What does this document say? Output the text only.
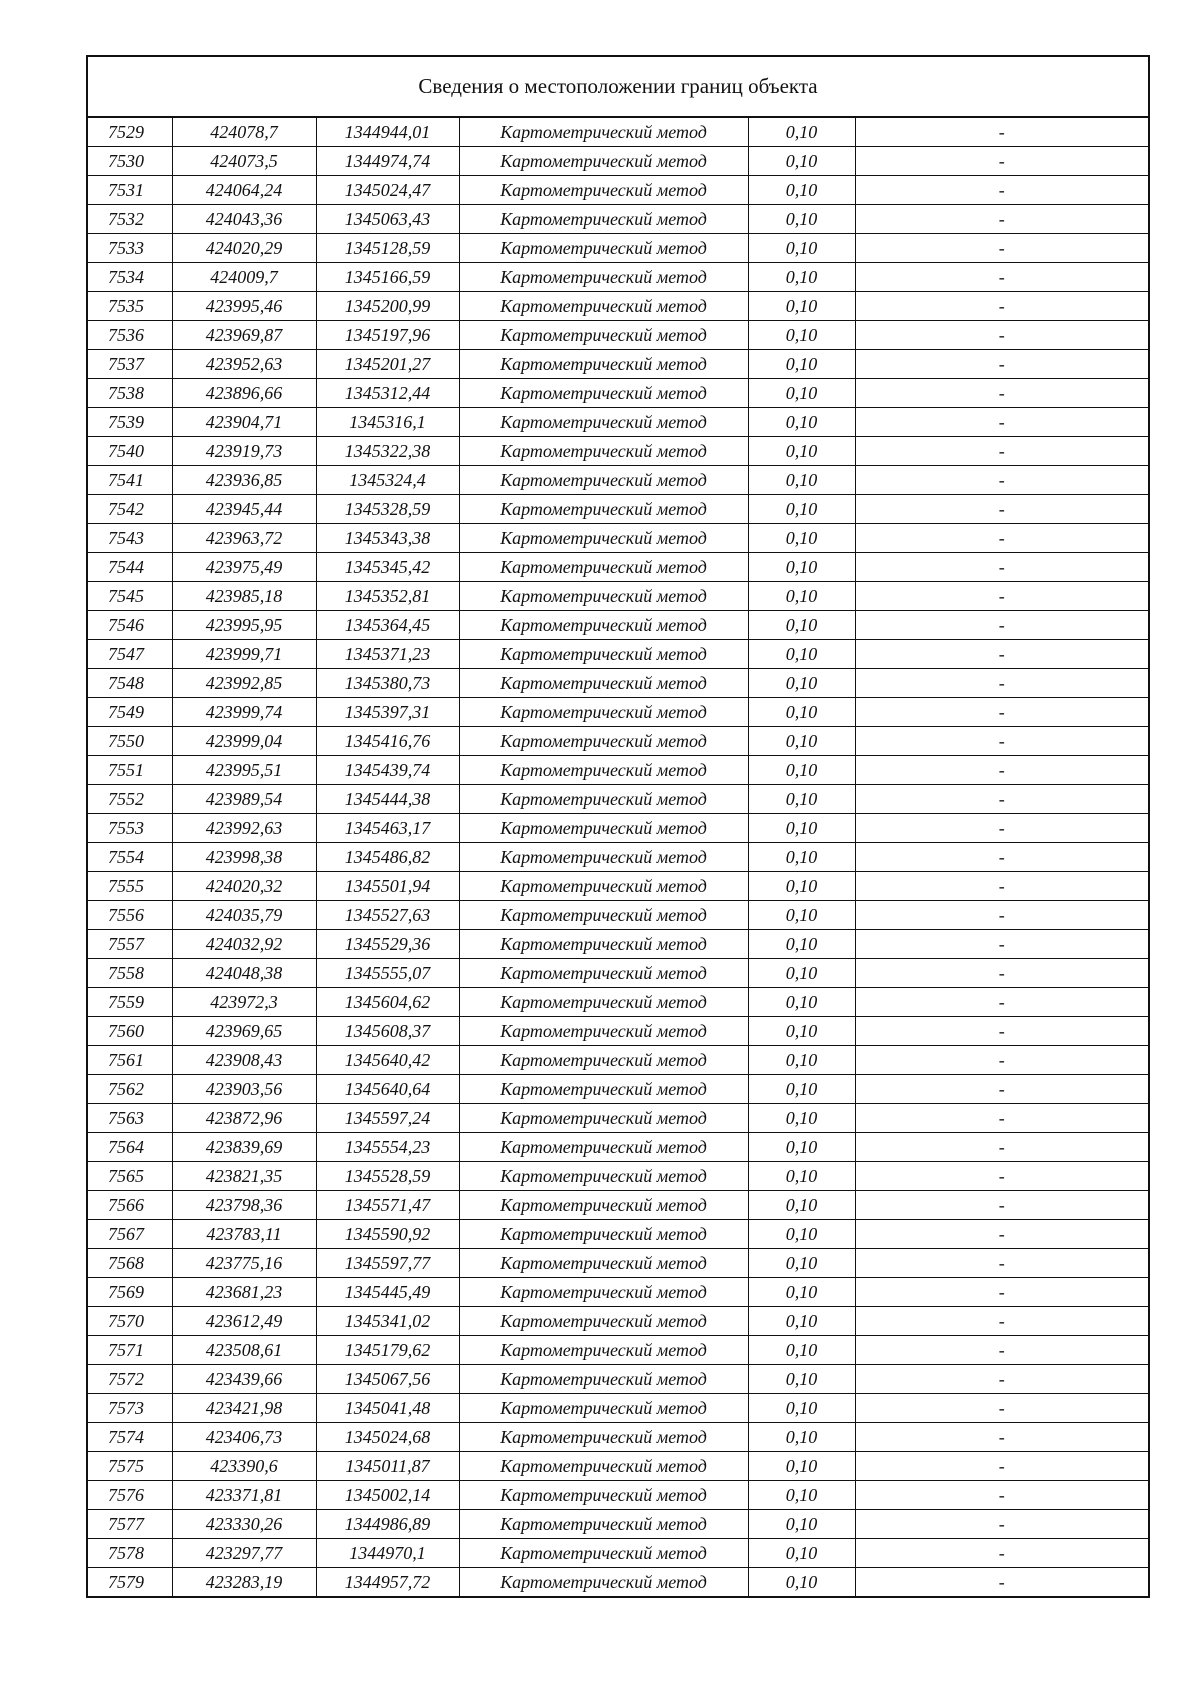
Сведения о местоположении границ объекта					
7529	424078,7	1344944,01	Картометрический метод	0,10	-
7530	424073,5	1344974,74	Картометрический метод	0,10	-
7531	424064,24	1345024,47	Картометрический метод	0,10	-
7532	424043,36	1345063,43	Картометрический метод	0,10	-
7533	424020,29	1345128,59	Картометрический метод	0,10	-
7534	424009,7	1345166,59	Картометрический метод	0,10	-
7535	423995,46	1345200,99	Картометрический метод	0,10	-
7536	423969,87	1345197,96	Картометрический метод	0,10	-
7537	423952,63	1345201,27	Картометрический метод	0,10	-
7538	423896,66	1345312,44	Картометрический метод	0,10	-
7539	423904,71	1345316,1	Картометрический метод	0,10	-
7540	423919,73	1345322,38	Картометрический метод	0,10	-
7541	423936,85	1345324,4	Картометрический метод	0,10	-
7542	423945,44	1345328,59	Картометрический метод	0,10	-
7543	423963,72	1345343,38	Картометрический метод	0,10	-
7544	423975,49	1345345,42	Картометрический метод	0,10	-
7545	423985,18	1345352,81	Картометрический метод	0,10	-
7546	423995,95	1345364,45	Картометрический метод	0,10	-
7547	423999,71	1345371,23	Картометрический метод	0,10	-
7548	423992,85	1345380,73	Картометрический метод	0,10	-
7549	423999,74	1345397,31	Картометрический метод	0,10	-
7550	423999,04	1345416,76	Картометрический метод	0,10	-
7551	423995,51	1345439,74	Картометрический метод	0,10	-
7552	423989,54	1345444,38	Картометрический метод	0,10	-
7553	423992,63	1345463,17	Картометрический метод	0,10	-
7554	423998,38	1345486,82	Картометрический метод	0,10	-
7555	424020,32	1345501,94	Картометрический метод	0,10	-
7556	424035,79	1345527,63	Картометрический метод	0,10	-
7557	424032,92	1345529,36	Картометрический метод	0,10	-
7558	424048,38	1345555,07	Картометрический метод	0,10	-
7559	423972,3	1345604,62	Картометрический метод	0,10	-
7560	423969,65	1345608,37	Картометрический метод	0,10	-
7561	423908,43	1345640,42	Картометрический метод	0,10	-
7562	423903,56	1345640,64	Картометрический метод	0,10	-
7563	423872,96	1345597,24	Картометрический метод	0,10	-
7564	423839,69	1345554,23	Картометрический метод	0,10	-
7565	423821,35	1345528,59	Картометрический метод	0,10	-
7566	423798,36	1345571,47	Картометрический метод	0,10	-
7567	423783,11	1345590,92	Картометрический метод	0,10	-
7568	423775,16	1345597,77	Картометрический метод	0,10	-
7569	423681,23	1345445,49	Картометрический метод	0,10	-
7570	423612,49	1345341,02	Картометрический метод	0,10	-
7571	423508,61	1345179,62	Картометрический метод	0,10	-
7572	423439,66	1345067,56	Картометрический метод	0,10	-
7573	423421,98	1345041,48	Картометрический метод	0,10	-
7574	423406,73	1345024,68	Картометрический метод	0,10	-
7575	423390,6	1345011,87	Картометрический метод	0,10	-
7576	423371,81	1345002,14	Картометрический метод	0,10	-
7577	423330,26	1344986,89	Картометрический метод	0,10	-
7578	423297,77	1344970,1	Картометрический метод	0,10	-
7579	423283,19	1344957,72	Картометрический метод	0,10	-
